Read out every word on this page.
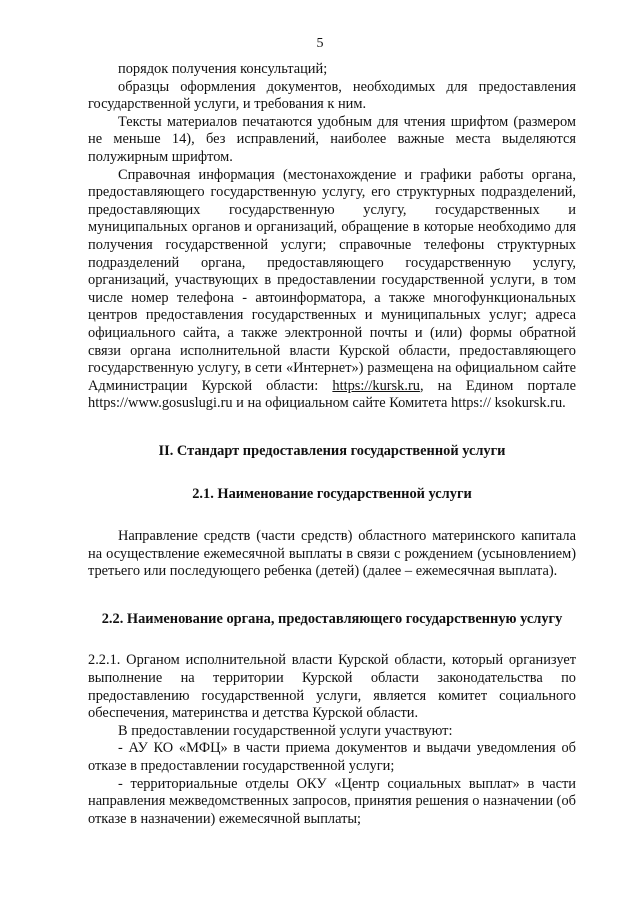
5

порядок получения консультаций;

образцы оформления документов, необходимых для предоставления государственной услуги, и требования к ним.

Тексты материалов печатаются удобным для чтения шрифтом (размером не меньше 14), без исправлений, наиболее важные места выделяются полужирным шрифтом.

Справочная информация (местонахождение и графики работы органа, предоставляющего государственную услугу, его структурных подразделений, предоставляющих государственную услугу, государственных и муниципальных органов и организаций, обращение в которые необходимо для получения государственной услуги; справочные телефоны структурных подразделений органа, предоставляющего государственную услугу, организаций, участвующих в предоставлении государственной услуги, в том числе номер телефона - автоинформатора, а также многофункциональных центров предоставления государственных и муниципальных услуг; адреса официального сайта, а также электронной почты и (или) формы обратной связи органа исполнительной власти Курской области, предоставляющего государственную услугу, в сети «Интернет») размещена на официальном сайте Администрации Курской области: https://kursk.ru, на Едином портале https://www.gosuslugi.ru и на официальном сайте Комитета https:// ksokursk.ru.

II. Стандарт предоставления государственной услуги

2.1. Наименование государственной услуги

Направление средств (части средств) областного материнского капитала на осуществление ежемесячной выплаты в связи с рождением (усыновлением) третьего или последующего ребенка (детей) (далее – ежемесячная выплата).

2.2. Наименование органа, предоставляющего государственную услугу

2.2.1. Органом исполнительной власти Курской области, который организует выполнение на территории Курской области законодательства по предоставлению государственной услуги, является комитет социального обеспечения, материнства и детства Курской области.

В предоставлении государственной услуги участвуют:

- АУ КО «МФЦ» в части приема документов и выдачи уведомления об отказе в предоставлении государственной услуги;

- территориальные отделы ОКУ «Центр социальных выплат» в части направления межведомственных запросов, принятия решения о назначении (об отказе в назначении) ежемесячной выплаты;
